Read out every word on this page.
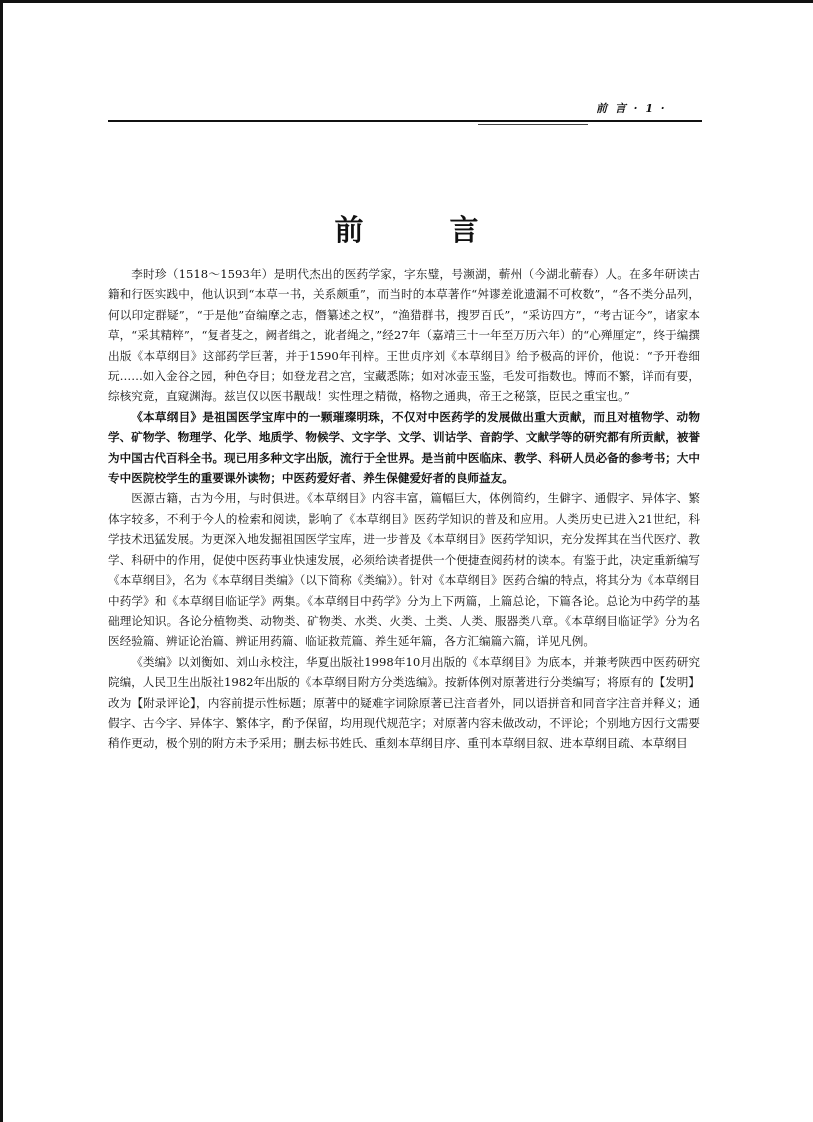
前 言 · 1 ·
前 言

李时珍（1518～1593年）是明代杰出的医药学家，字东璧，号濒湖，蕲州（今湖北蕲春）人。在多年研读古籍和行医实践中，他认识到“本草一书，关系颇重”，而当时的本草著作“舛谬差讹遗漏不可枚数”，“各不类分品列，何以印定群疑”，“于是他”奋编摩之志，僭纂述之权”，“渔猎群书，搜罗百氏”，“采访四方”，“考古证今”，诸家本草，“采其精粹”，“复者芟之，阙者缉之，讹者绳之，”经27年（嘉靖三十一年至万历六年）的“心殚厘定”，终于编撰出版《本草纲目》这部药学巨著，并于1590年刊梓。王世贞序刘《本草纲目》给予极高的评价，他说：“予开卷细玩……如入金谷之园，种色夺目；如登龙君之宫，宝藏悉陈；如对冰壶玉鉴，毛发可指数也。博而不繁，详而有要，综核究竟，直窥渊海。兹岂仅以医书觏哉！实性理之精微，格物之通典，帝王之秘箓，臣民之重宝也。”

《本草纲目》是祖国医学宝库中的一颗璀璨明珠，不仅对中医药学的发展做出重大贡献，而且对植物学、动物学、矿物学、物理学、化学、地质学、物候学、文字学、文学、训诂学、音韵学、文献学等的研究都有所贡献，被誉为中国古代百科全书。现已用多种文字出版，流行于全世界。是当前中医临床、教学、科研人员必备的参考书；大中专中医院校学生的重要课外读物；中医药爱好者、养生保健爱好者的良师益友。

医源古籍，古为今用，与时俱进。《本草纲目》内容丰富，篇幅巨大，体例简约，生僻字、通假字、异体字、繁体字较多，不利于今人的检索和阅读，影响了《本草纲目》医药学知识的普及和应用。人类历史已进入21世纪，科学技术迅猛发展。为更深入地发掘祖国医学宝库，进一步普及《本草纲目》医药学知识，充分发挥其在当代医疗、教学、科研中的作用，促使中医药事业快速发展，必须给读者提供一个便捷查阅药材的读本。有鉴于此，决定重新编写《本草纲目》，名为《本草纲目类编》（以下简称《类编》）。针对《本草纲目》医药合编的特点，将其分为《本草纲目中药学》和《本草纲目临证学》两集。《本草纲目中药学》分为上下两篇，上篇总论，下篇各论。总论为中药学的基础理论知识。各论分植物类、动物类、矿物类、水类、火类、土类、人类、服器类八章。《本草纲目临证学》分为名医经验篇、辨证论治篇、辨证用药篇、临证救荒篇、养生延年篇，各方汇编篇六篇，详见凡例。

《类编》以刘衡如、刘山永校注，华夏出版社1998年10月出版的《本草纲目》为底本，并兼考陕西中医药研究院编，人民卫生出版社1982年出版的《本草纲目附方分类选编》。按新体例对原著进行分类编写；将原有的【发明】改为【附录评论】，内容前提示性标题；原著中的疑难字词除原著已注音者外，同以语拼音和同音字注音并释义；通假字、古今字、异体字、繁体字，酌予保留，均用现代规范字；对原著内容未做改动，不评论；个别地方因行文需要稍作更动，极个别的附方未予采用；删去标书姓氏、重刻本草纲目序、重刊本草纲目叙、进本草纲目疏、本草纲目
